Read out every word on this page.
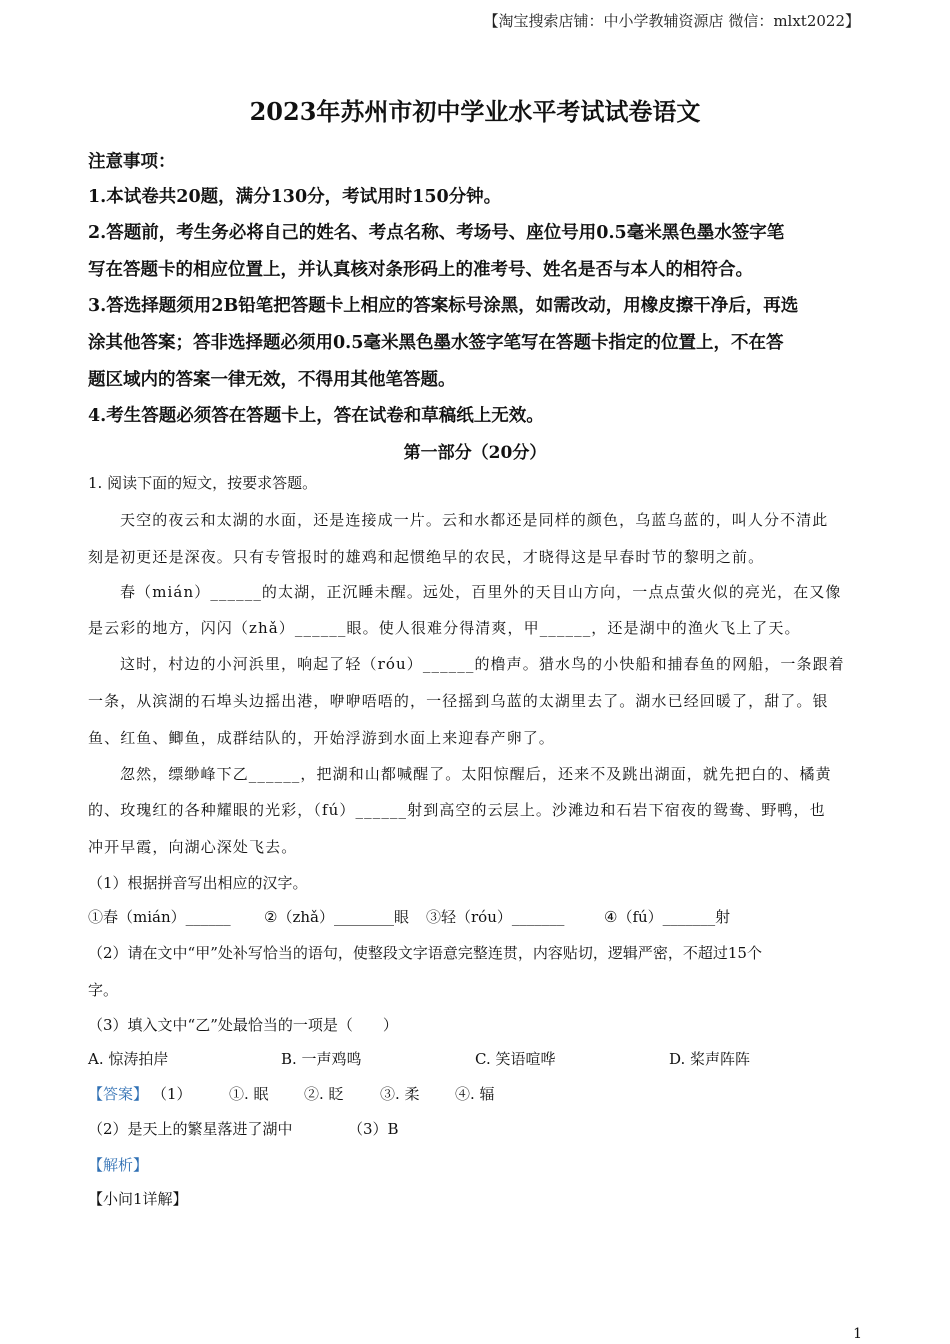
【淘宝搜索店铺：中小学教辅资源店 微信：mlxt2022】
2023年苏州市初中学业水平考试试卷语文
注意事项：
1.本试卷共20题，满分130分，考试用时150分钟。
2.答题前，考生务必将自己的姓名、考点名称、考场号、座位号用0.5毫米黑色墨水签字笔
写在答题卡的相应位置上，并认真核对条形码上的准考号、姓名是否与本人的相符合。
3.答选择题须用2B铅笔把答题卡上相应的答案标号涂黑，如需改动，用橡皮擦干净后，再选
涂其他答案；答非选择题必须用0.5毫米黑色墨水签字笔写在答题卡指定的位置上，不在答
题区域内的答案一律无效，不得用其他笔答题。
4.考生答题必须答在答题卡上，答在试卷和草稿纸上无效。
第一部分（20分）
1. 阅读下面的短文，按要求答题。
天空的夜云和太湖的水面，还是连接成一片。云和水都还是同样的颜色，乌蓝乌蓝的，叫人分不清此
刻是初更还是深夜。只有专管报时的雄鸡和起惯绝早的农民，才晓得这是早春时节的黎明之前。
春（mián）______的太湖，正沉睡未醒。远处，百里外的天目山方向，一点点萤火似的亮光，在又像
是云彩的地方，闪闪（zhǎ）______眼。使人很难分得清爽，甲______，还是湖中的渔火飞上了天。
这时，村边的小河浜里，响起了轻（róu）______的橹声。猎水鸟的小快船和捕春鱼的网船，一条跟着
一条，从滨湖的石埠头边摇出港，咿咿唔唔的，一径摇到乌蓝的太湖里去了。湖水已经回暖了，甜了。银
鱼、红鱼、鲫鱼，成群结队的，开始浮游到水面上来迎春产卵了。
忽然，缥缈峰下乙______，把湖和山都喊醒了。太阳惊醒后，还来不及跳出湖面，就先把白的、橘黄
的、玫瑰红的各种耀眼的光彩，（fú）______射到高空的云层上。沙滩边和石岩下宿夜的鸳鸯、野鸭，也
冲开早霞，向湖心深处飞去。
（1）根据拼音写出相应的汉字。
①春（mián）______ ②（zhǎ）________眼 ③轻（róu）_______	④（fú）_______射
（2）请在文中“甲”处补写恰当的语句，使整段文字语意完整连贯，内容贴切，逻辑严密，不超过15个
字。
（3）填入文中“乙”处最恰当的一项是（　　）
A. 惊涛拍岸	B. 一声鸡鸣	C. 笑语喧哗	D. 桨声阵阵
【答案】 （1） ①. 眠 ②. 眨 ③. 柔 ④. 辐
（2）是天上的繁星落进了湖中	（3）B
【解析】
【小问1详解】
1
